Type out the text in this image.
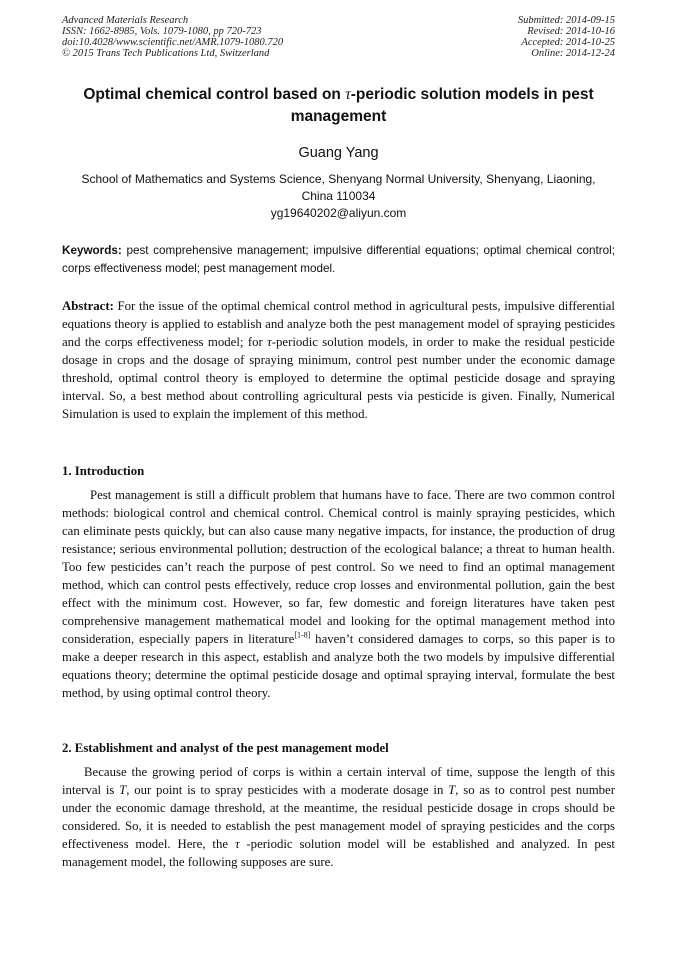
Advanced Materials Research
ISSN: 1662-8985, Vols. 1079-1080, pp 720-723
doi:10.4028/www.scientific.net/AMR.1079-1080.720
© 2015 Trans Tech Publications Ltd, Switzerland
Submitted: 2014-09-15
Revised: 2014-10-16
Accepted: 2014-10-25
Online: 2014-12-24
Optimal chemical control based on τ-periodic solution models in pest management
Guang Yang
School of Mathematics and Systems Science, Shenyang Normal University, Shenyang, Liaoning,
China 110034
yg19640202@aliyun.com
Keywords: pest comprehensive management; impulsive differential equations; optimal chemical control; corps effectiveness model; pest management model.
Abstract: For the issue of the optimal chemical control method in agricultural pests, impulsive differential equations theory is applied to establish and analyze both the pest management model of spraying pesticides and the corps effectiveness model; for τ-periodic solution models, in order to make the residual pesticide dosage in crops and the dosage of spraying minimum, control pest number under the economic damage threshold, optimal control theory is employed to determine the optimal pesticide dosage and spraying interval. So, a best method about controlling agricultural pests via pesticide is given. Finally, Numerical Simulation is used to explain the implement of this method.
1. Introduction
Pest management is still a difficult problem that humans have to face. There are two common control methods: biological control and chemical control. Chemical control is mainly spraying pesticides, which can eliminate pests quickly, but can also cause many negative impacts, for instance, the production of drug resistance; serious environmental pollution; destruction of the ecological balance; a threat to human health. Too few pesticides can’t reach the purpose of pest control. So we need to find an optimal management method, which can control pests effectively, reduce crop losses and environmental pollution, gain the best effect with the minimum cost. However, so far, few domestic and foreign literatures have taken pest comprehensive management mathematical model and looking for the optimal management method into consideration, especially papers in literature[1-8] haven’t considered damages to corps, so this paper is to make a deeper research in this aspect, establish and analyze both the two models by impulsive differential equations theory; determine the optimal pesticide dosage and optimal spraying interval, formulate the best method, by using optimal control theory.
2. Establishment and analyst of the pest management model
Because the growing period of corps is within a certain interval of time, suppose the length of this interval is T, our point is to spray pesticides with a moderate dosage in T, so as to control pest number under the economic damage threshold, at the meantime, the residual pesticide dosage in crops should be considered. So, it is needed to establish the pest management model of spraying pesticides and the corps effectiveness model. Here, the τ -periodic solution model will be established and analyzed. In pest management model, the following supposes are sure.
